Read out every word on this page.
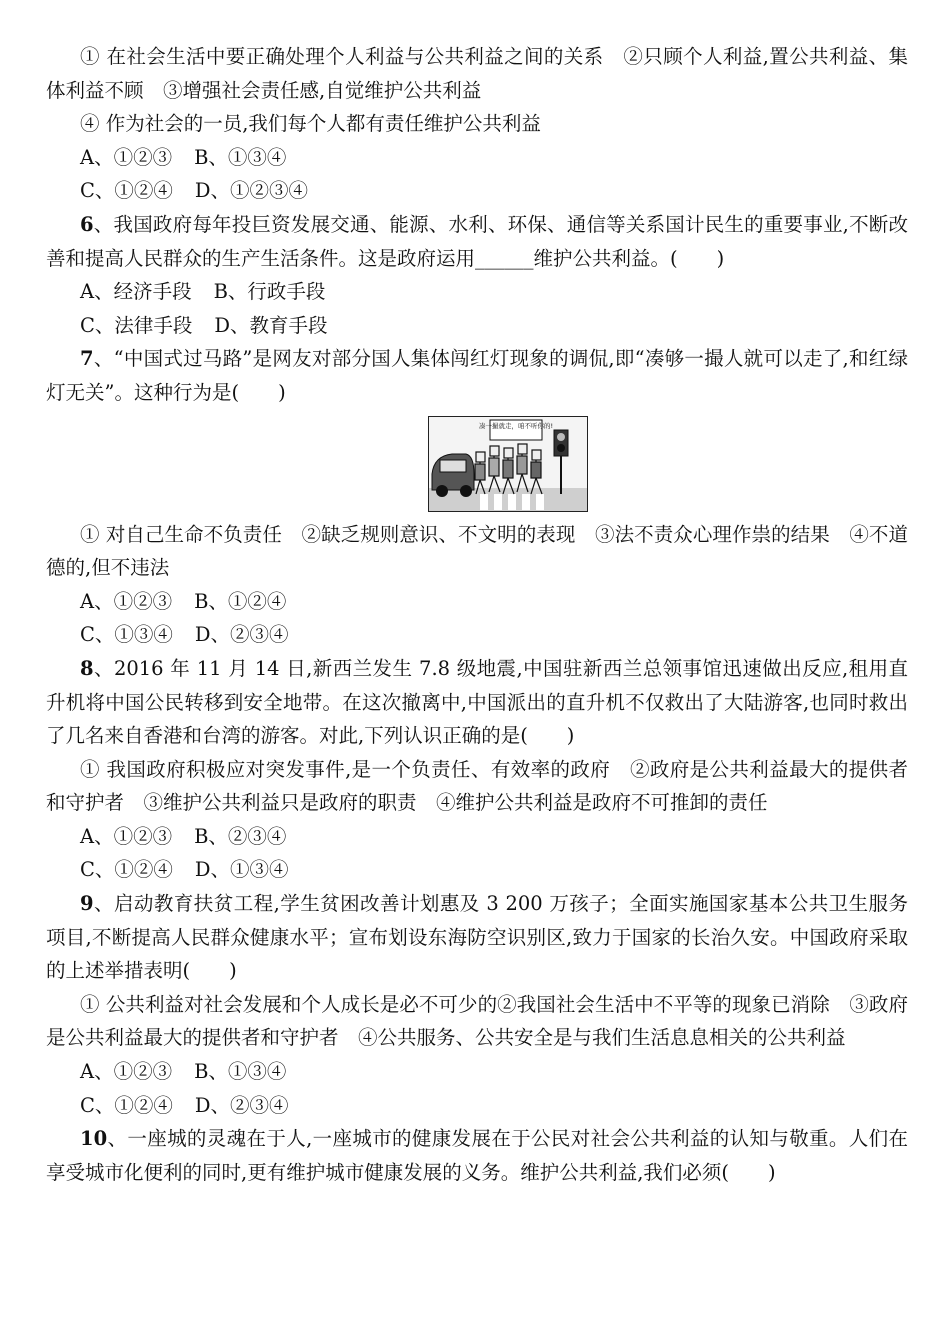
① 在社会生活中要正确处理个人利益与公共利益之间的关系　②只顾个人利益,置公共利益、集体利益不顾　③增强社会责任感,自觉维护公共利益

④ 作为社会的一员,我们每个人都有责任维护公共利益

A、①②③ B、①③④

C、①②④ D、①②③④

6、我国政府每年投巨资发展交通、能源、水利、环保、通信等关系国计民生的重要事业,不断改善和提高人民群众的生产生活条件。这是政府运用______维护公共利益。(　　)

A、经济手段 B、行政手段

C、法律手段 D、教育手段

7、“中国式过马路”是网友对部分国人集体闯红灯现象的调侃,即“凑够一撮人就可以走了,和红绿灯无关”。这种行为是(　　)

凑一撮就走，咱不听你的!

① 对自己生命不负责任　②缺乏规则意识、不文明的表现　③法不责众心理作祟的结果　④不道德的,但不违法

A、①②③ B、①②④

C、①③④ D、②③④

8、2016 年 11 月 14 日,新西兰发生 7.8 级地震,中国驻新西兰总领事馆迅速做出反应,租用直升机将中国公民转移到安全地带。在这次撤离中,中国派出的直升机不仅救出了大陆游客,也同时救出了几名来自香港和台湾的游客。对此,下列认识正确的是(　　)

① 我国政府积极应对突发事件,是一个负责任、有效率的政府　②政府是公共利益最大的提供者和守护者　③维护公共利益只是政府的职责　④维护公共利益是政府不可推卸的责任

A、①②③ B、②③④

C、①②④ D、①③④

9、启动教育扶贫工程,学生贫困改善计划惠及 3 200 万孩子；全面实施国家基本公共卫生服务项目,不断提高人民群众健康水平；宣布划设东海防空识别区,致力于国家的长治久安。中国政府采取的上述举措表明(　　)

① 公共利益对社会发展和个人成长是必不可少的②我国社会生活中不平等的现象已消除　③政府是公共利益最大的提供者和守护者　④公共服务、公共安全是与我们生活息息相关的公共利益

A、①②③ B、①③④

C、①②④ D、②③④

10、一座城的灵魂在于人,一座城市的健康发展在于公民对社会公共利益的认知与敬重。人们在享受城市化便利的同时,更有维护城市健康发展的义务。维护公共利益,我们必须(　　)
